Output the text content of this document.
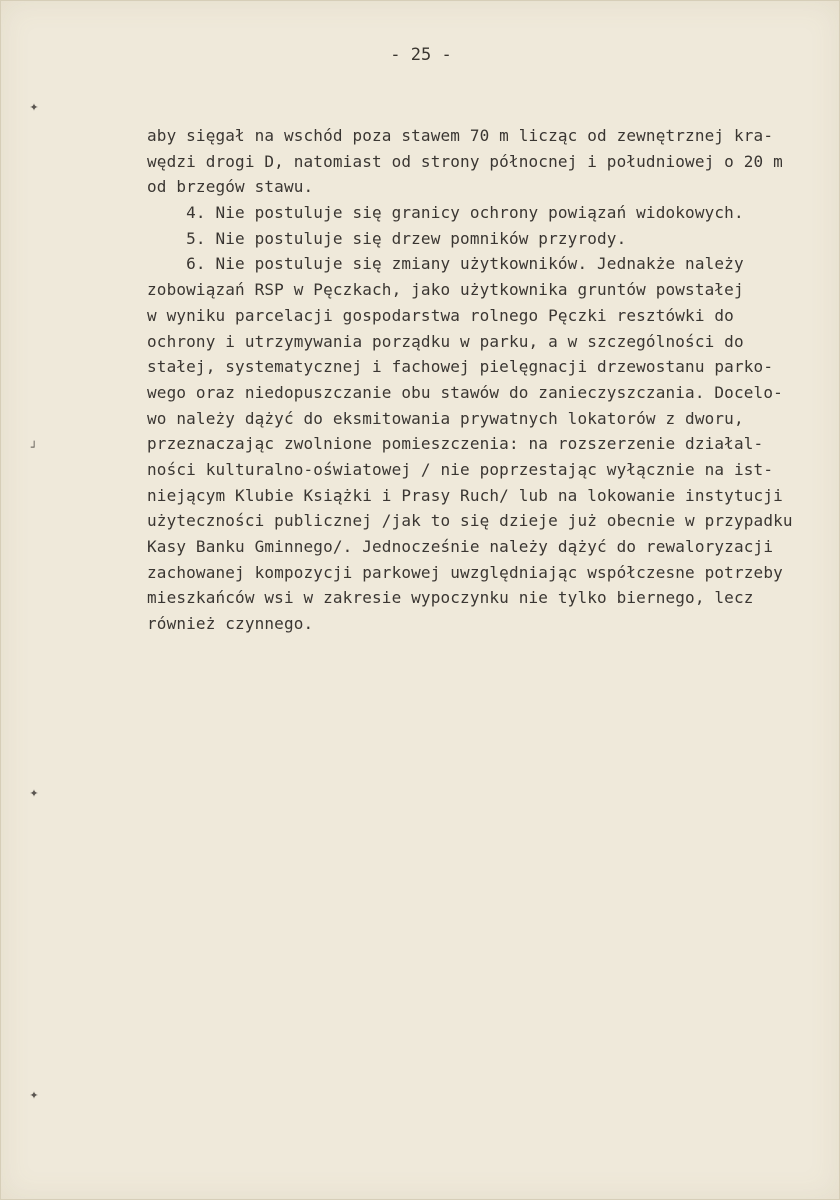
- 25 -
✦
┘
✦
✦
aby sięgał na wschód poza stawem 70 m licząc od zewnętrznej kra-
wędzi drogi D, natomiast od strony północnej i południowej o 20 m
od brzegów stawu.
4. Nie postuluje się granicy ochrony powiązań widokowych.
5. Nie postuluje się drzew pomników przyrody.
6. Nie postuluje się zmiany użytkowników. Jednakże należy
zobowiązań RSP w Pęczkach, jako użytkownika gruntów powstałej
w wyniku parcelacji gospodarstwa rolnego Pęczki resztówki do
ochrony i utrzymywania porządku w parku, a w szczególności do
stałej, systematycznej i fachowej pielęgnacji drzewostanu parko-
wego oraz niedopuszczanie obu stawów do zanieczyszczania. Docelo-
wo należy dążyć do eksmitowania prywatnych lokatorów z dworu,
przeznaczając zwolnione pomieszczenia: na rozszerzenie działal-
ności kulturalno-oświatowej / nie poprzestając wyłącznie na ist-
niejącym Klubie Książki i Prasy Ruch/ lub na lokowanie instytucji
użyteczności publicznej /jak to się dzieje już obecnie w przypadku
Kasy Banku Gminnego/. Jednocześnie należy dążyć do rewaloryzacji
zachowanej kompozycji parkowej uwzględniając współczesne potrzeby
mieszkańców wsi w zakresie wypoczynku nie tylko biernego, lecz
również czynnego.
